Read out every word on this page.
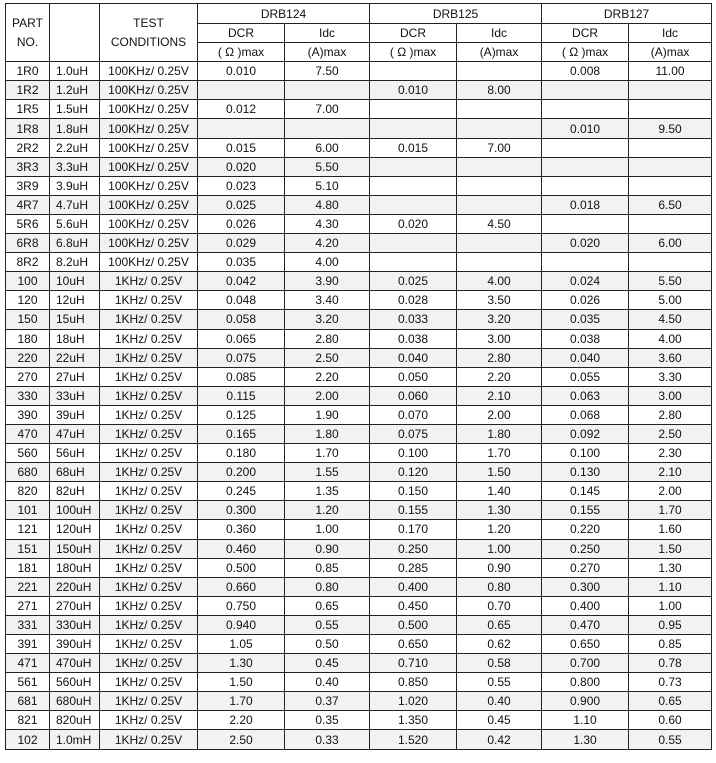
PART
NO.		TEST
CONDITIONS	DRB124		DRB125		DRB127	
			DCR	Idc	DCR	Idc	DCR	Idc
			( Ω )max	(A)max	( Ω )max	(A)max	( Ω )max	(A)max
1R0	1.0uH	100KHz/ 0.25V	0.010	7.50			0.008	11.00
1R2	1.2uH	100KHz/ 0.25V			0.010	8.00		
1R5	1.5uH	100KHz/ 0.25V	0.012	7.00				
1R8	1.8uH	100KHz/ 0.25V					0.010	9.50
2R2	2.2uH	100KHz/ 0.25V	0.015	6.00	0.015	7.00		
3R3	3.3uH	100KHz/ 0.25V	0.020	5.50				
3R9	3.9uH	100KHz/ 0.25V	0.023	5.10				
4R7	4.7uH	100KHz/ 0.25V	0.025	4.80			0.018	6.50
5R6	5.6uH	100KHz/ 0.25V	0.026	4.30	0.020	4.50		
6R8	6.8uH	100KHz/ 0.25V	0.029	4.20			0.020	6.00
8R2	8.2uH	100KHz/ 0.25V	0.035	4.00				
100	10uH	1KHz/ 0.25V	0.042	3.90	0.025	4.00	0.024	5.50
120	12uH	1KHz/ 0.25V	0.048	3.40	0.028	3.50	0.026	5.00
150	15uH	1KHz/ 0.25V	0.058	3.20	0.033	3.20	0.035	4.50
180	18uH	1KHz/ 0.25V	0.065	2.80	0.038	3.00	0.038	4.00
220	22uH	1KHz/ 0.25V	0.075	2.50	0.040	2.80	0.040	3.60
270	27uH	1KHz/ 0.25V	0.085	2.20	0.050	2.20	0.055	3.30
330	33uH	1KHz/ 0.25V	0.115	2.00	0.060	2.10	0.063	3.00
390	39uH	1KHz/ 0.25V	0.125	1.90	0.070	2.00	0.068	2.80
470	47uH	1KHz/ 0.25V	0.165	1.80	0.075	1.80	0.092	2.50
560	56uH	1KHz/ 0.25V	0.180	1.70	0.100	1.70	0.100	2.30
680	68uH	1KHz/ 0.25V	0.200	1.55	0.120	1.50	0.130	2.10
820	82uH	1KHz/ 0.25V	0.245	1.35	0.150	1.40	0.145	2.00
101	100uH	1KHz/ 0.25V	0.300	1.20	0.155	1.30	0.155	1.70
121	120uH	1KHz/ 0.25V	0.360	1.00	0.170	1.20	0.220	1.60
151	150uH	1KHz/ 0.25V	0.460	0.90	0.250	1.00	0.250	1.50
181	180uH	1KHz/ 0.25V	0.500	0.85	0.285	0.90	0.270	1.30
221	220uH	1KHz/ 0.25V	0.660	0.80	0.400	0.80	0.300	1.10
271	270uH	1KHz/ 0.25V	0.750	0.65	0.450	0.70	0.400	1.00
331	330uH	1KHz/ 0.25V	0.940	0.55	0.500	0.65	0.470	0.95
391	390uH	1KHz/ 0.25V	1.05	0.50	0.650	0.62	0.650	0.85
471	470uH	1KHz/ 0.25V	1.30	0.45	0.710	0.58	0.700	0.78
561	560uH	1KHz/ 0.25V	1.50	0.40	0.850	0.55	0.800	0.73
681	680uH	1KHz/ 0.25V	1.70	0.37	1.020	0.40	0.900	0.65
821	820uH	1KHz/ 0.25V	2.20	0.35	1.350	0.45	1.10	0.60
102	1.0mH	1KHz/ 0.25V	2.50	0.33	1.520	0.42	1.30	0.55
